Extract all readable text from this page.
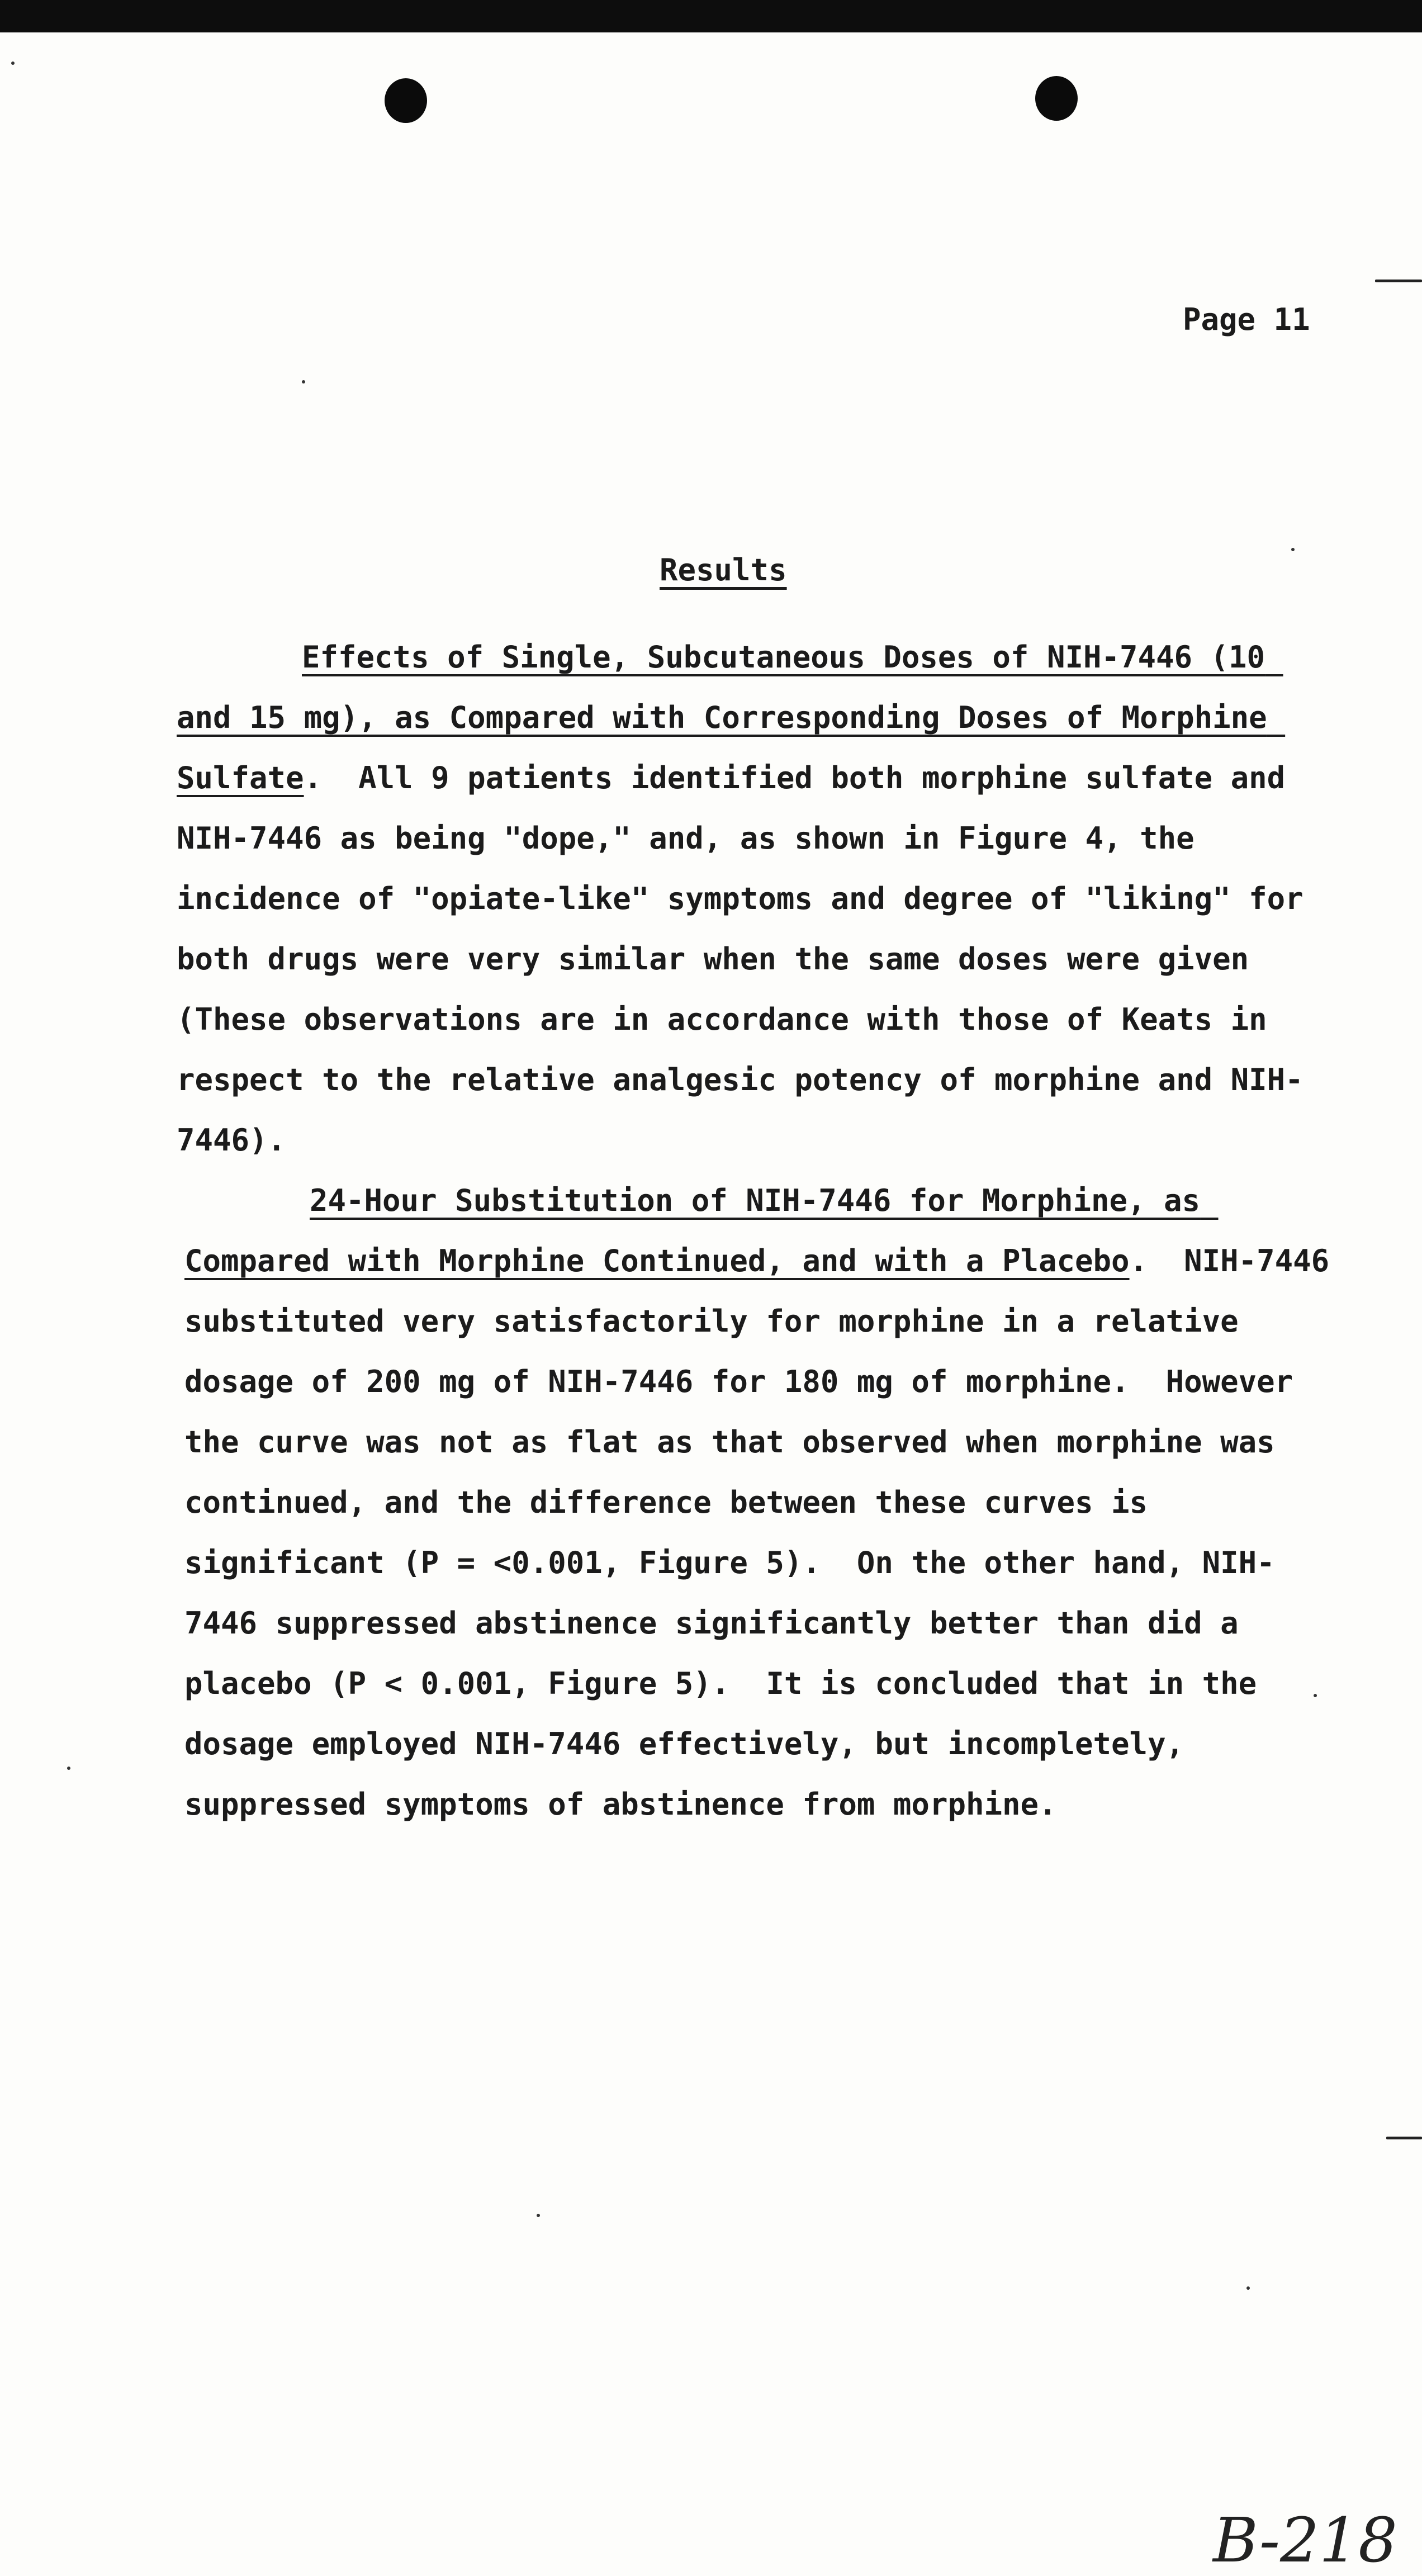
Page 11
Results

Effects of Single, Subcutaneous Doses of NIH-7446 (10 and 15 mg), as Compared with Corresponding Doses of Morphine Sulfate.  All 9 patients identified both morphine sulfate and NIH-7446 as being "dope," and, as shown in Figure 4, the incidence of "opiate-like" symptoms and degree of "liking" for both drugs were very similar when the same doses were given (These observations are in accordance with those of Keats in respect to the relative analgesic potency of morphine and NIH-7446).

24-Hour Substitution of NIH-7446 for Morphine, as Compared with Morphine Continued, and with a Placebo.  NIH-7446 substituted very satisfactorily for morphine in a relative dosage of 200 mg of NIH-7446 for 180 mg of morphine.  However the curve was not as flat as that observed when morphine was continued, and the difference between these curves is significant (P = <0.001, Figure 5).  On the other hand, NIH-7446 suppressed abstinence significantly better than did a placebo (P < 0.001, Figure 5).  It is concluded that in the dosage employed NIH-7446 effectively, but incompletely, suppressed symptoms of abstinence from morphine.

B-218
